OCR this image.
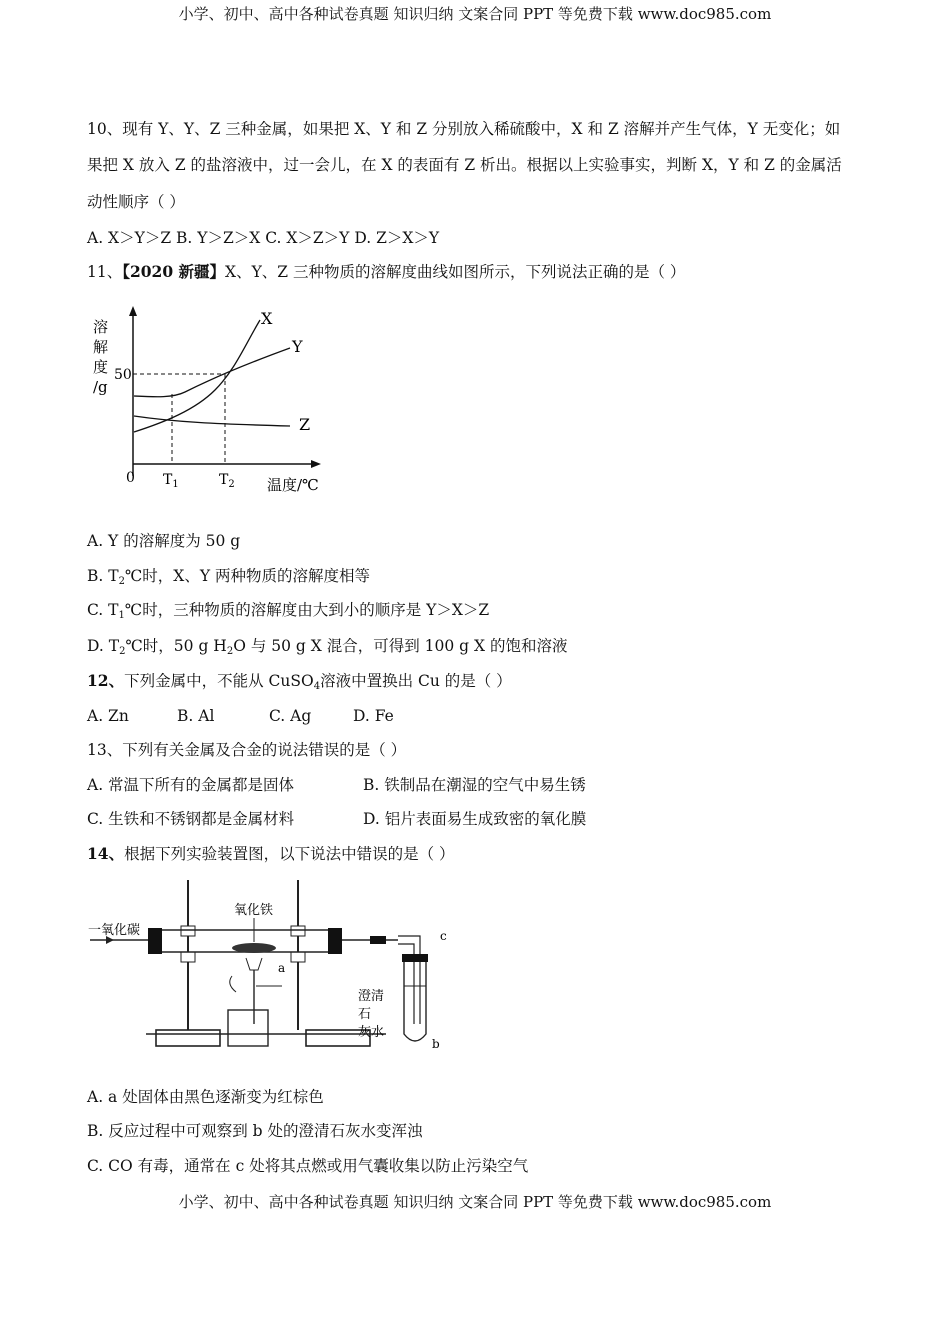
小学、初中、高中各种试卷真题 知识归纳 文案合同 PPT 等免费下载 www.doc985.com
10、现有 Y、Y、Z 三种金属，如果把 X、Y 和 Z 分别放入稀硫酸中，X 和 Z 溶解并产生气体，Y 无变化；如
果把 X 放入 Z 的盐溶液中，过一会儿，在 X 的表面有 Z 析出。根据以上实验事实，判断 X，Y 和 Z 的金属活
动性顺序（ ）
A. X＞Y＞Z B. Y＞Z＞X C. X＞Z＞Y D. Z＞X＞Y
11、【2020 新疆】X、Y、Z 三种物质的溶解度曲线如图所示，下列说法正确的是（ ）
溶
解
度
/g
50
0
X
Y
Z
$T_1$	$T_2$ 温度/℃
A. Y 的溶解度为 50 g
B. $T_2℃$时，X、Y 两种物质的溶解度相等
C. $T_1℃$时，三种物质的溶解度由大到小的顺序是 Y＞X＞Z
D. $T_2℃$时，50 g $H_2O$ 与 50 g X 混合，可得到 100 g X 的饱和溶液
12、下列金属中，不能从 CuSO$_4$溶液中置换出 Cu 的是（ ）
A. Zn	B. Al	C. Ag	D. Fe
13、下列有关金属及合金的说法错误的是（ ）
A. 常温下所有的金属都是固体	B. 铁制品在潮湿的空气中易生锈
C. 生铁和不锈钢都是金属材料	D. 铝片表面易生成致密的氧化膜
14、根据下列实验装置图，以下说法中错误的是（ ）
一氧化碳
氧化铁
a
c
b
澄清
石
灰水
A. a 处固体由黑色逐渐变为红棕色
B. 反应过程中可观察到 b 处的澄清石灰水变浑浊
C. CO 有毒，通常在 c 处将其点燃或用气囊收集以防止污染空气
小学、初中、高中各种试卷真题 知识归纳 文案合同 PPT 等免费下载 www.doc985.com
